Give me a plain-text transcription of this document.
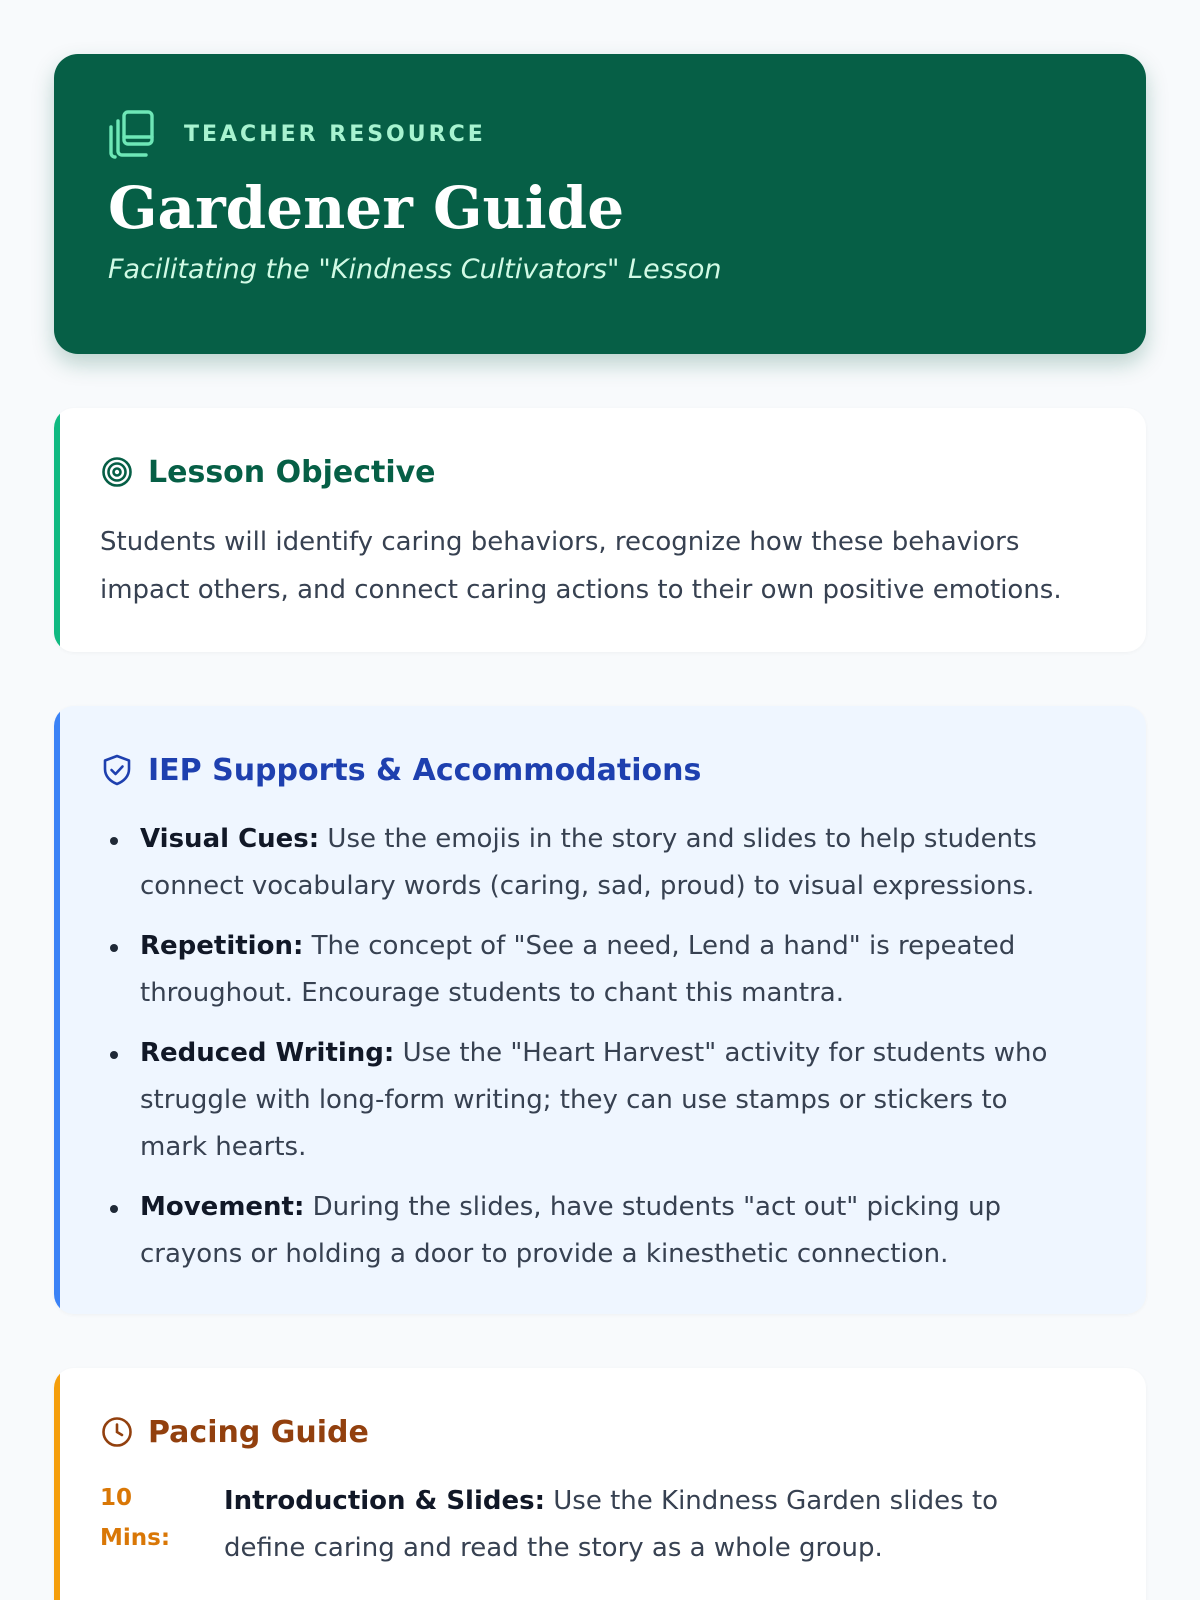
TEACHER RESOURCE
Gardener Guide

Facilitating the "Kindness Cultivators" Lesson

Lesson Objective

Students will identify caring behaviors, recognize how these behaviors impact others, and connect caring actions to their own positive emotions.

IEP Supports & Accommodations
Visual Cues: Use the emojis in the story and slides to help students connect vocabulary words (caring, sad, proud) to visual expressions.
Repetition: The concept of "See a need, Lend a hand" is repeated throughout. Encourage students to chant this mantra.
Reduced Writing: Use the "Heart Harvest" activity for students who struggle with long-form writing; they can use stamps or stickers to mark hearts.
Movement: During the slides, have students "act out" picking up crayons or holding a door to provide a kinesthetic connection.
Pacing Guide
10
Mins:
Introduction & Slides: Use the Kindness Garden slides to define caring and read the story as a whole group.
